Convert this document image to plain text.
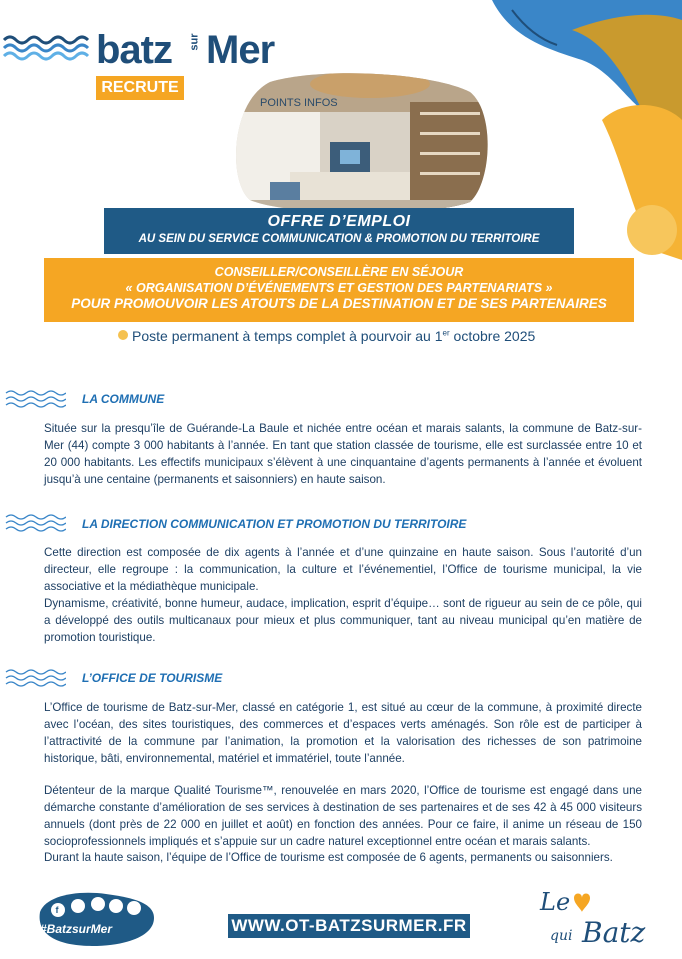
batz sur Mer
RECRUTE
POINTS INFOS
OFFRE D’EMPLOI
AU SEIN DU SERVICE COMMUNICATION & PROMOTION DU TERRITOIRE
CONSEILLER/CONSEILLÈRE EN SÉJOUR
« ORGANISATION D’ÉVÉNEMENTS ET GESTION DES PARTENARIATS »
POUR PROMOUVOIR LES ATOUTS DE LA DESTINATION ET DE SES PARTENAIRES
Poste permanent à temps complet à pourvoir au 1er octobre 2025
LA COMMUNE

Située sur la presqu’île de Guérande-La Baule et nichée entre océan et marais salants, la commune de Batz-sur-Mer (44) compte 3 000 habitants à l’année. En tant que station classée de tourisme, elle est surclassée entre 10 et 20 000 habitants. Les effectifs municipaux s’élèvent à une cinquantaine d’agents permanents à l’année et évoluent jusqu’à une centaine (permanents et saisonniers) en haute saison.

LA DIRECTION COMMUNICATION ET PROMOTION DU TERRITOIRE

Cette direction est composée de dix agents à l’année et d’une quinzaine en haute saison. Sous l’autorité d’un directeur, elle regroupe : la communication, la culture et l’événementiel, l’Office de tourisme municipal, la vie associative et la médiathèque municipale.

Dynamisme, créativité, bonne humeur, audace, implication, esprit d’équipe… sont de rigueur au sein de ce pôle, qui a développé des outils multicanaux pour mieux et plus communiquer, tant au niveau municipal qu’en matière de promotion touristique.

L’OFFICE DE TOURISME

L’Office de tourisme de Batz-sur-Mer, classé en catégorie 1, est situé au cœur de la commune, à proximité directe avec l’océan, des sites touristiques, des commerces et d’espaces verts aménagés. Son rôle est de participer à l’attractivité de la commune par l’animation, la promotion et la valorisation des richesses de son patrimoine historique, bâti, environnemental, matériel et immatériel, toute l’année.

Détenteur de la marque Qualité Tourisme™, renouvelée en mars 2020, l’Office de tourisme est engagé dans une démarche constante d’amélioration de ses services à destination de ses partenaires et de ses 42 à 45 000 visiteurs annuels (dont près de 22 000 en juillet et août) en fonction des années. Pour ce faire, il anime un réseau de 150 socioprofessionnels impliqués et s’appuie sur un cadre naturel exceptionnel entre océan et marais salants.

Durant la haute saison, l’équipe de l’Office de tourisme est composée de 6 agents, permanents ou saisonniers.

f
#BatzsurMer	WWW.OT-BATZSURMER.FR
Le
qui Batz
